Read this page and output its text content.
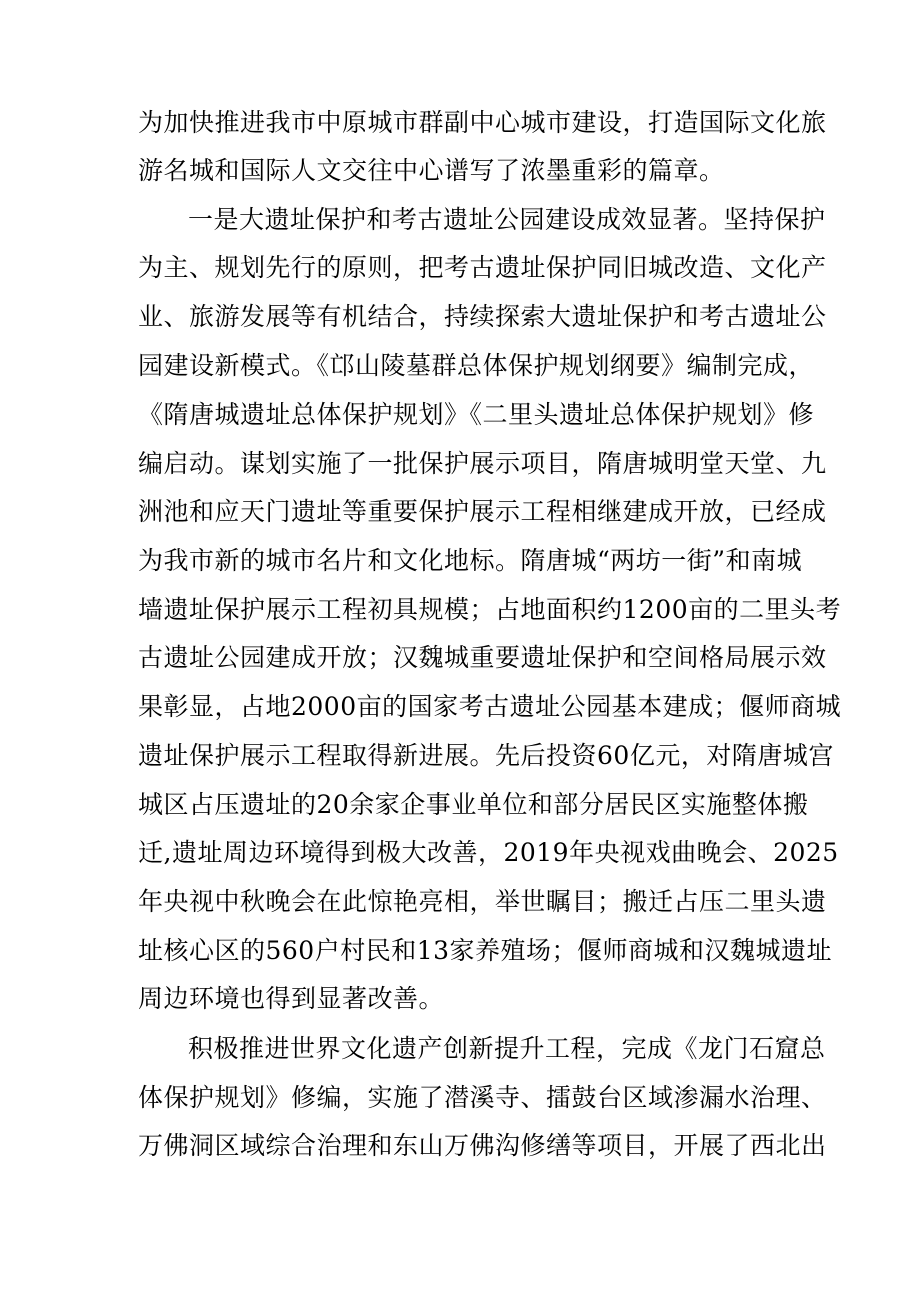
为加快推进我市中原城市群副中心城市建设，打造国际文化旅
游名城和国际人文交往中心谱写了浓墨重彩的篇章。
一是大遗址保护和考古遗址公园建设成效显著。坚持保护
为主、规划先行的原则，把考古遗址保护同旧城改造、文化产
业、旅游发展等有机结合，持续探索大遗址保护和考古遗址公
园建设新模式。《邙山陵墓群总体保护规划纲要》编制完成，
《隋唐城遗址总体保护规划》《二里头遗址总体保护规划》修
编启动。谋划实施了一批保护展示项目，隋唐城明堂天堂、九
洲池和应天门遗址等重要保护展示工程相继建成开放，已经成
为我市新的城市名片和文化地标。隋唐城“两坊一街”和南城
墙遗址保护展示工程初具规模；占地面积约1200亩的二里头考
古遗址公园建成开放；汉魏城重要遗址保护和空间格局展示效
果彰显，占地2000亩的国家考古遗址公园基本建成；偃师商城
遗址保护展示工程取得新进展。先后投资60亿元，对隋唐城宫
城区占压遗址的20余家企事业单位和部分居民区实施整体搬
迁,遗址周边环境得到极大改善，2019年央视戏曲晚会、2025
年央视中秋晚会在此惊艳亮相，举世瞩目；搬迁占压二里头遗
址核心区的560户村民和13家养殖场；偃师商城和汉魏城遗址
周边环境也得到显著改善。
积极推进世界文化遗产创新提升工程，完成《龙门石窟总
体保护规划》修编，实施了潜溪寺、擂鼓台区域渗漏水治理、
万佛洞区域综合治理和东山万佛沟修缮等项目，开展了西北出
